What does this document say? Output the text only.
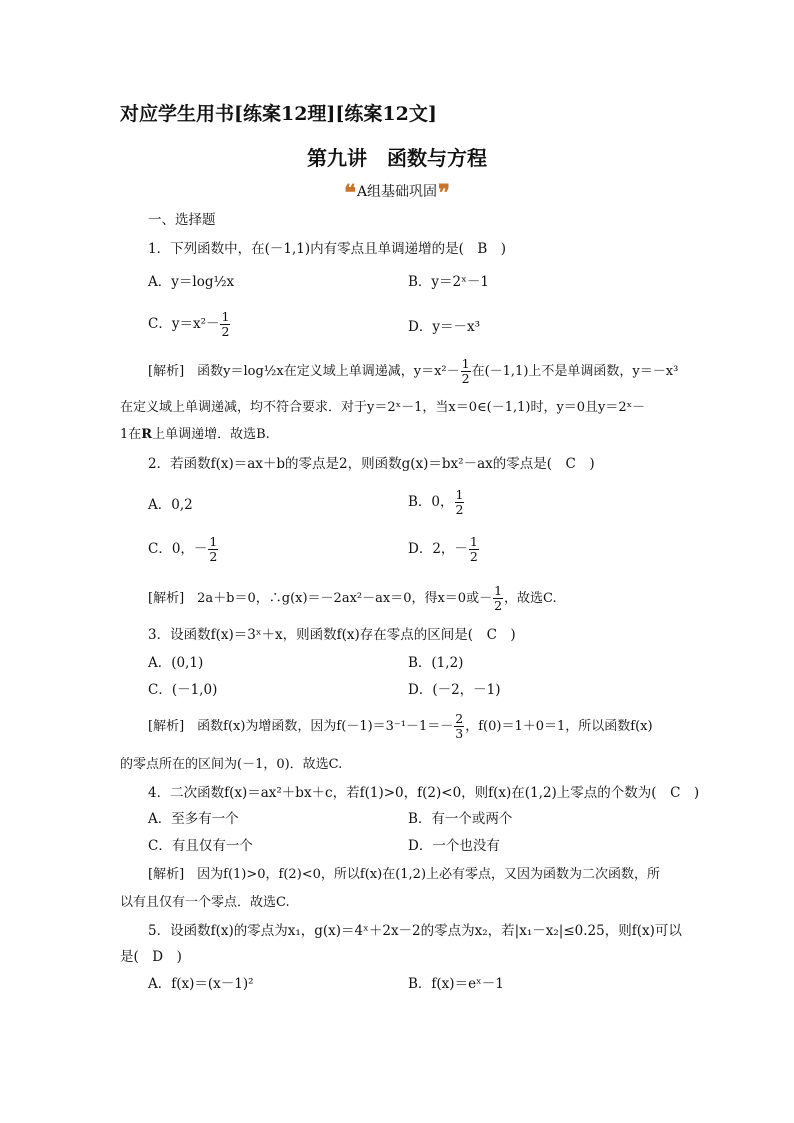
对应学生用书[练案12理][练案12文]
第九讲　函数与方程
❝A组基础巩固❞
一、选择题
1．下列函数中，在(－1,1)内有零点且单调递增的是(　B　)
A．y＝log½x	B．y＝2ˣ－1
C．$y=x^2- \frac{1}{2}$	D．y＝－x³
[解析]　函数y＝log½x在定义域上单调递减，$y=x^2- \frac{1}{2}$ 在(－1,1)上不是单调函数，y＝－x³
在定义域上单调递减，均不符合要求．对于y＝2ˣ－1，当x＝0∈(－1,1)时，y＝0且y＝2ˣ－
1在R上单调递增．故选B.
2．若函数f(x)＝ax＋b的零点是2，则函数g(x)＝bx²－ax的零点是(　C　)
A．0,2	B．0， $\frac{1}{2}$
C．0，－ $\frac{1}{2}$	D．2，－ $\frac{1}{2}$
[解析]　2a＋b＝0，∴g(x)＝－2ax²－ax＝0，得x＝0或－ $\frac{1}{2}$ ，故选C.
3．设函数f(x)＝3ˣ＋x，则函数f(x)存在零点的区间是(　C　)
A．(0,1)	B．(1,2)
C．(－1,0)	D．(－2，－1)
[解析]　函数f(x)为增函数，因为$f(-1)=3^{-1}-1=- \frac{2}{3}$ ，f(0)＝1＋0＝1，所以函数f(x)
的零点所在的区间为(－1，0)．故选C.
4．二次函数f(x)＝ax²＋bx＋c，若f(1)>0，f(2)<0，则f(x)在(1,2)上零点的个数为(　C　)
A．至多有一个	B．有一个或两个
C．有且仅有一个	D．一个也没有
[解析]　因为f(1)>0，f(2)<0，所以f(x)在(1,2)上必有零点，又因为函数为二次函数，所
以有且仅有一个零点．故选C.
5．设函数f(x)的零点为x₁，g(x)＝4ˣ＋2x－2的零点为x₂，若|x₁－x₂|≤0.25，则f(x)可以
是(　D　)
A．f(x)＝(x－1)²	B．f(x)＝eˣ－1
